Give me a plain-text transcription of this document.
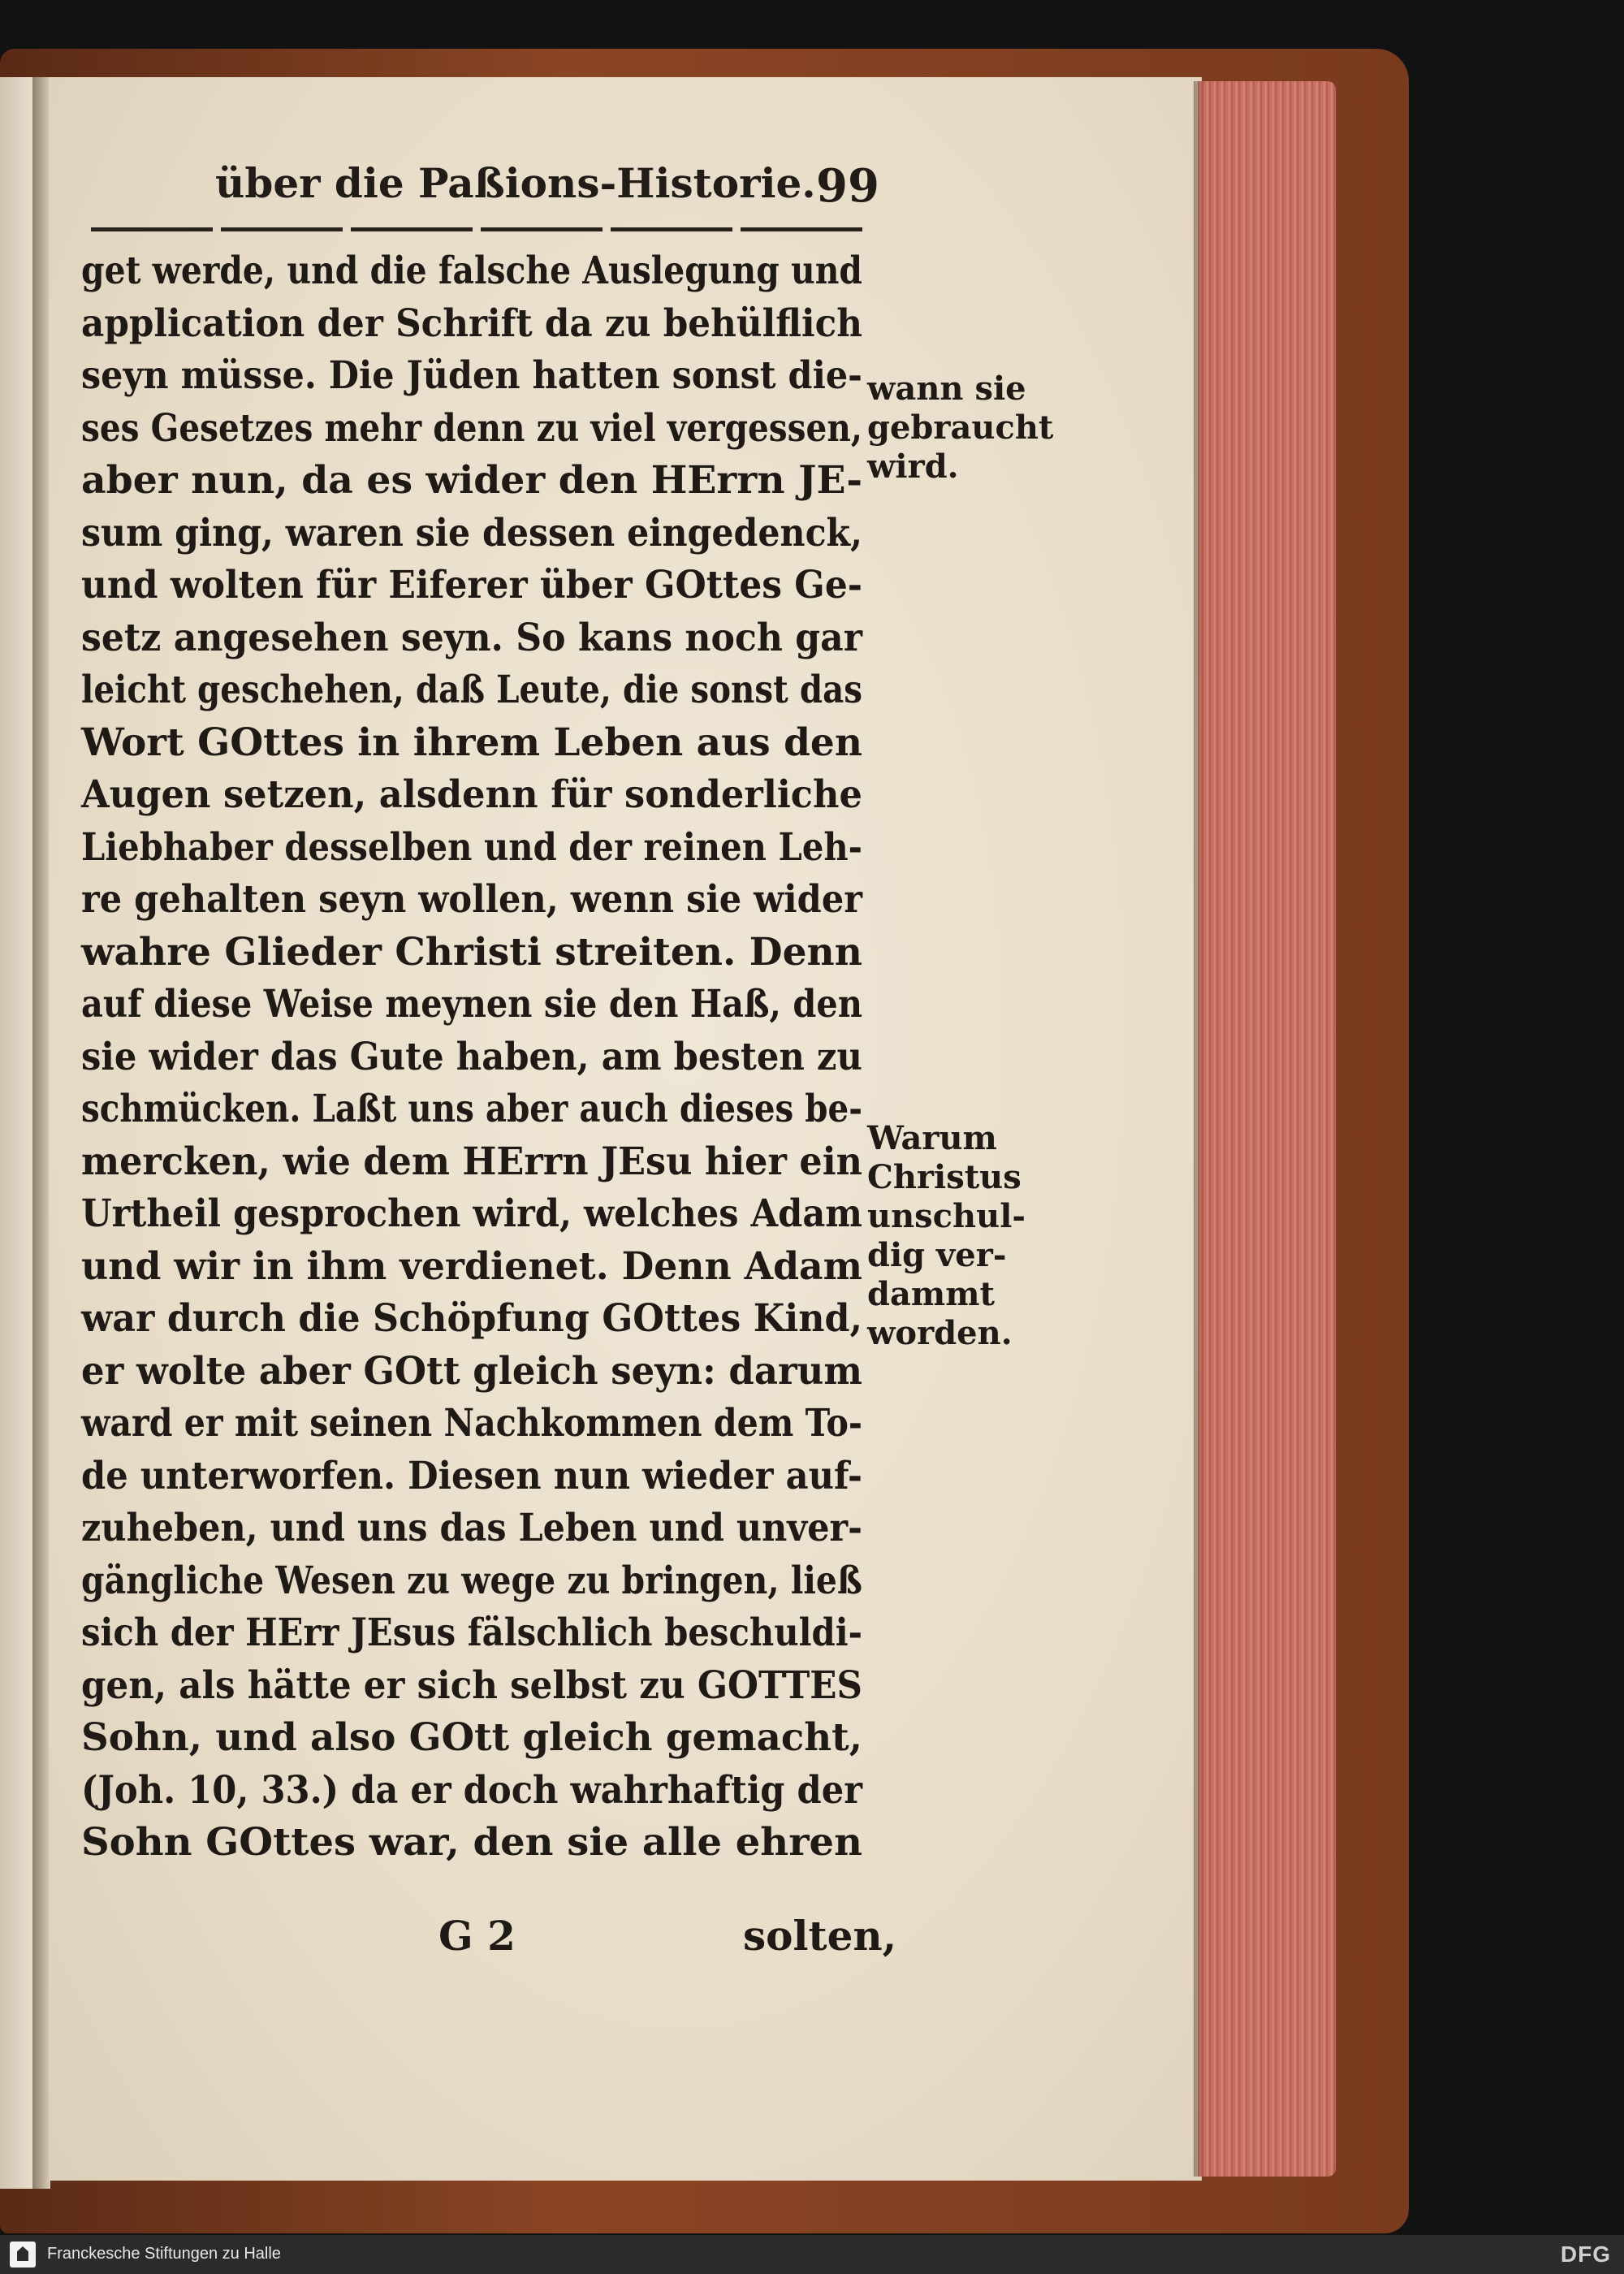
über die Paßions-Historie. 99
get werde, und die falsche Auslegung und
application der Schrift da zu behülflich
seyn müsse. Die Jüden hatten sonst die-
ses Gesetzes mehr denn zu viel vergessen,
aber nun, da es wider den HErrn JE-
sum ging, waren sie dessen eingedenck,
und wolten für Eiferer über GOttes Ge-
setz angesehen seyn. So kans noch gar
leicht geschehen, daß Leute, die sonst das
Wort GOttes in ihrem Leben aus den
Augen setzen, alsdenn für sonderliche
Liebhaber desselben und der reinen Leh-
re gehalten seyn wollen, wenn sie wider
wahre Glieder Christi streiten. Denn
auf diese Weise meynen sie den Haß, den
sie wider das Gute haben, am besten zu
schmücken. Laßt uns aber auch dieses be-
mercken, wie dem HErrn JEsu hier ein
Urtheil gesprochen wird, welches Adam
und wir in ihm verdienet. Denn Adam
war durch die Schöpfung GOttes Kind,
er wolte aber GOtt gleich seyn: darum
ward er mit seinen Nachkommen dem To-
de unterworfen. Diesen nun wieder auf-
zuheben, und uns das Leben und unver-
gängliche Wesen zu wege zu bringen, ließ
sich der HErr JEsus fälschlich beschuldi-
gen, als hätte er sich selbst zu GOTTES
Sohn, und also GOtt gleich gemacht,
(Joh. 10, 33.) da er doch wahrhaftig der
Sohn GOttes war, den sie alle ehren
wann sie
gebraucht
wird.
Warum
Christus
unschul-
dig ver-
dammt
worden.
G 2	solten,
Franckesche Stiftungen zu Halle	DFG
